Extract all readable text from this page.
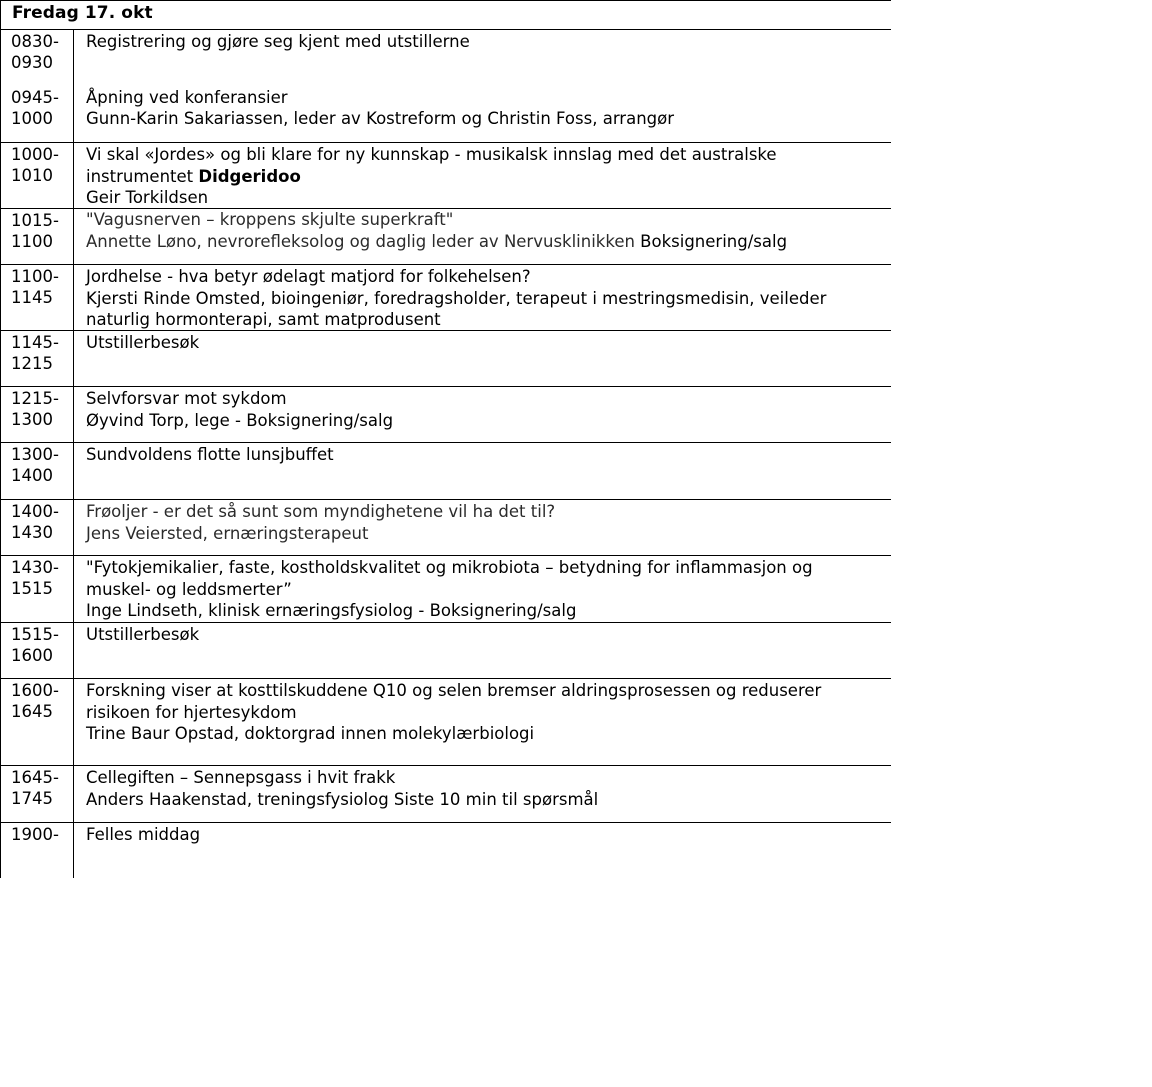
Fredag 17. okt
0830-
0930
0945-
1000
Registrering og gjøre seg kjent med utstillerne
Åpning ved konferansier
Gunn-Karin Sakariassen, leder av Kostreform og Christin Foss, arrangør
1000-
1010
Vi skal «Jordes» og bli klare for ny kunnskap - musikalsk innslag med det australske
instrumentet Didgeridoo
Geir Torkildsen
1015-
1100
"Vagusnerven – kroppens skjulte superkraft"
Annette Løno, nevrorefleksolog og daglig leder av Nervusklinikken Boksignering/salg
1100-
1145
Jordhelse - hva betyr ødelagt matjord for folkehelsen?
Kjersti Rinde Omsted, bioingeniør, foredragsholder, terapeut i mestringsmedisin, veileder
naturlig hormonterapi, samt matprodusent
1145-
1215
Utstillerbesøk
1215-
1300
Selvforsvar mot sykdom
Øyvind Torp, lege - Boksignering/salg
1300-
1400
Sundvoldens flotte lunsjbuffet
1400-
1430
Frøoljer - er det så sunt som myndighetene vil ha det til?
Jens Veiersted, ernæringsterapeut
1430-
1515
"Fytokjemikalier, faste, kostholdskvalitet og mikrobiota – betydning for inflammasjon og
muskel- og leddsmerter”
Inge Lindseth, klinisk ernæringsfysiolog - Boksignering/salg
1515-
1600
Utstillerbesøk
1600-
1645
Forskning viser at kosttilskuddene Q10 og selen bremser aldringsprosessen og reduserer
risikoen for hjertesykdom
Trine Baur Opstad, doktorgrad innen molekylærbiologi
1645-
1745
Cellegiften – Sennepsgass i hvit frakk
Anders Haakenstad, treningsfysiolog Siste 10 min til spørsmål
1900- Felles middag
